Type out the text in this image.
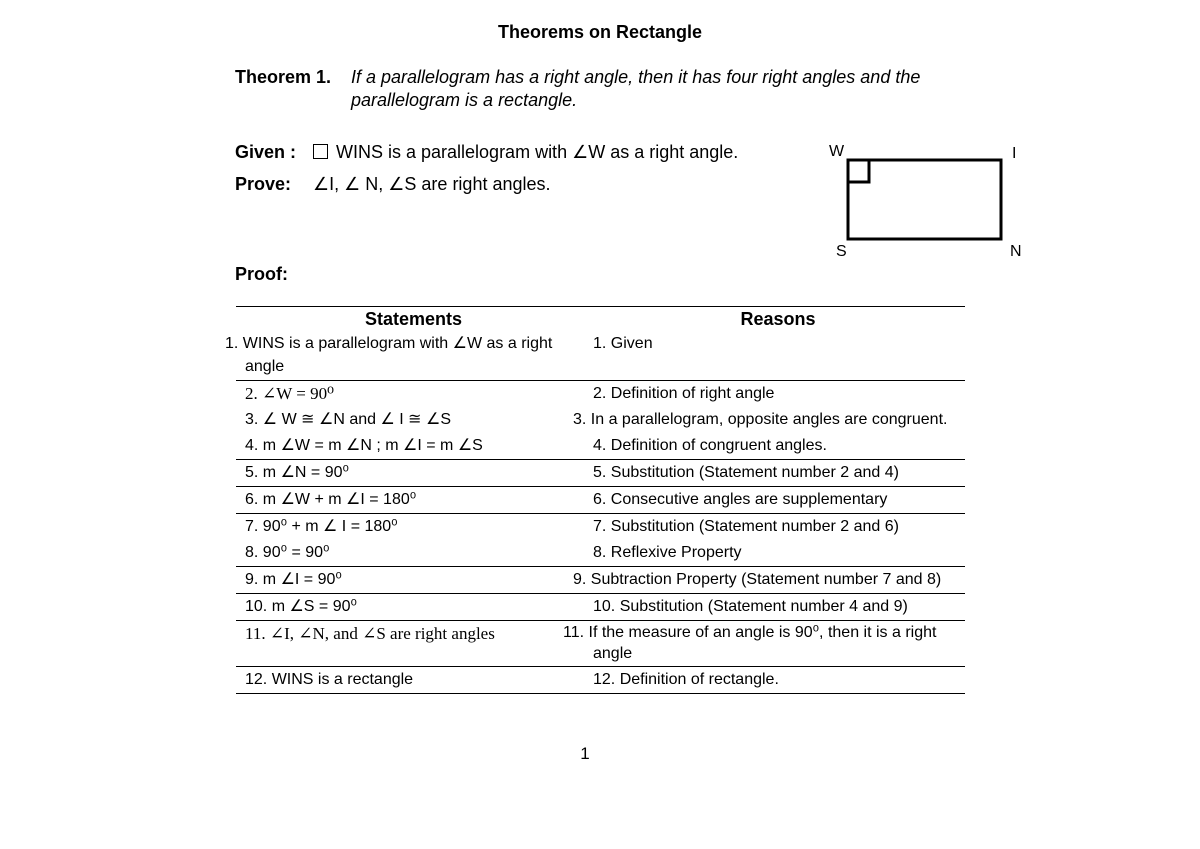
Theorems on Rectangle
Theorem 1. If a parallelogram has a right angle, then it has four right angles and the parallelogram is a rectangle.
Given : WINS is a parallelogram with ∠W as a right angle.
Prove: ∠I, ∠ N, ∠S are right angles.
W	I
S	N
Proof:
Statements	Reasons
1. WINS is a parallelogram with ∠W as a right angle	1. Given
2. ∠W = 90⁰	2. Definition of right angle
3. ∠ W ≅ ∠N and ∠ I ≅ ∠S	3. In a parallelogram, opposite angles are congruent.
4. m ∠W = m ∠N ; m ∠I = m ∠S	4. Definition of congruent angles.
5. m ∠N = 90⁰	5. Substitution (Statement number 2 and 4)
6. m ∠W + m ∠I = 180⁰	6. Consecutive angles are supplementary
7. 90⁰ + m ∠ I = 180⁰	7. Substitution (Statement number 2 and 6)
8. 90⁰ = 90⁰	8. Reflexive Property
9. m ∠I = 90⁰	9. Subtraction Property (Statement number 7 and 8)
10. m ∠S = 90⁰	10. Substitution (Statement number 4 and 9)
11. ∠I, ∠N, and ∠S are right angles	11. If the measure of an angle is 90⁰, then it is a right angle
12. WINS is a rectangle	12. Definition of rectangle.
1
